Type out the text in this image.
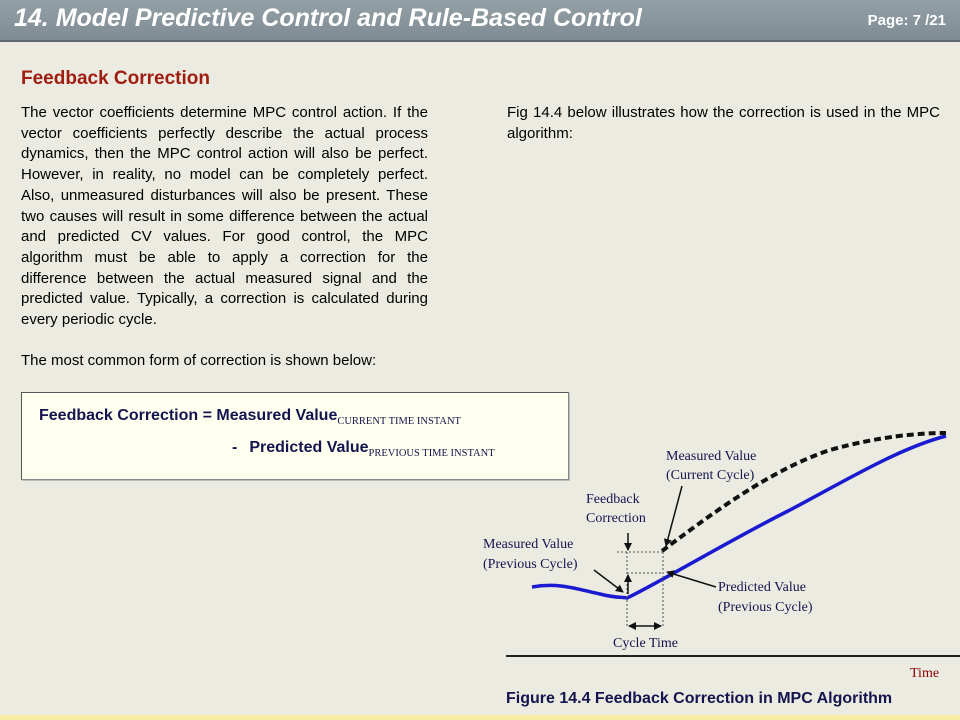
14. Model Predictive Control and Rule-Based Control	Page: 7 /21
Feedback Correction
The vector coefficients determine MPC control action. If the vector coefficients perfectly describe the actual process dynamics, then the MPC control action will also be perfect. However, in reality, no model can be completely perfect. Also, unmeasured disturbances will also be present. These two causes will result in some difference between the actual and predicted CV values. For good control, the MPC algorithm must be able to apply a correction for the difference between the actual measured signal and the predicted value. Typically, a correction is calculated during every periodic cycle.
The most common form of correction is shown below:
Fig 14.4 below illustrates how the correction is used in the MPC algorithm:
Feedback Correction = Measured Value$_{CURRENT TIME INSTANT}$
- Predicted Value$_{PREVIOUS TIME INSTANT}$
Time
Measured Value
(Current Cycle)
Feedback
Correction
Measured Value
(Previous Cycle)
Predicted Value
(Previous Cycle)
Cycle Time
Figure 14.4 Feedback Correction in MPC Algorithm
